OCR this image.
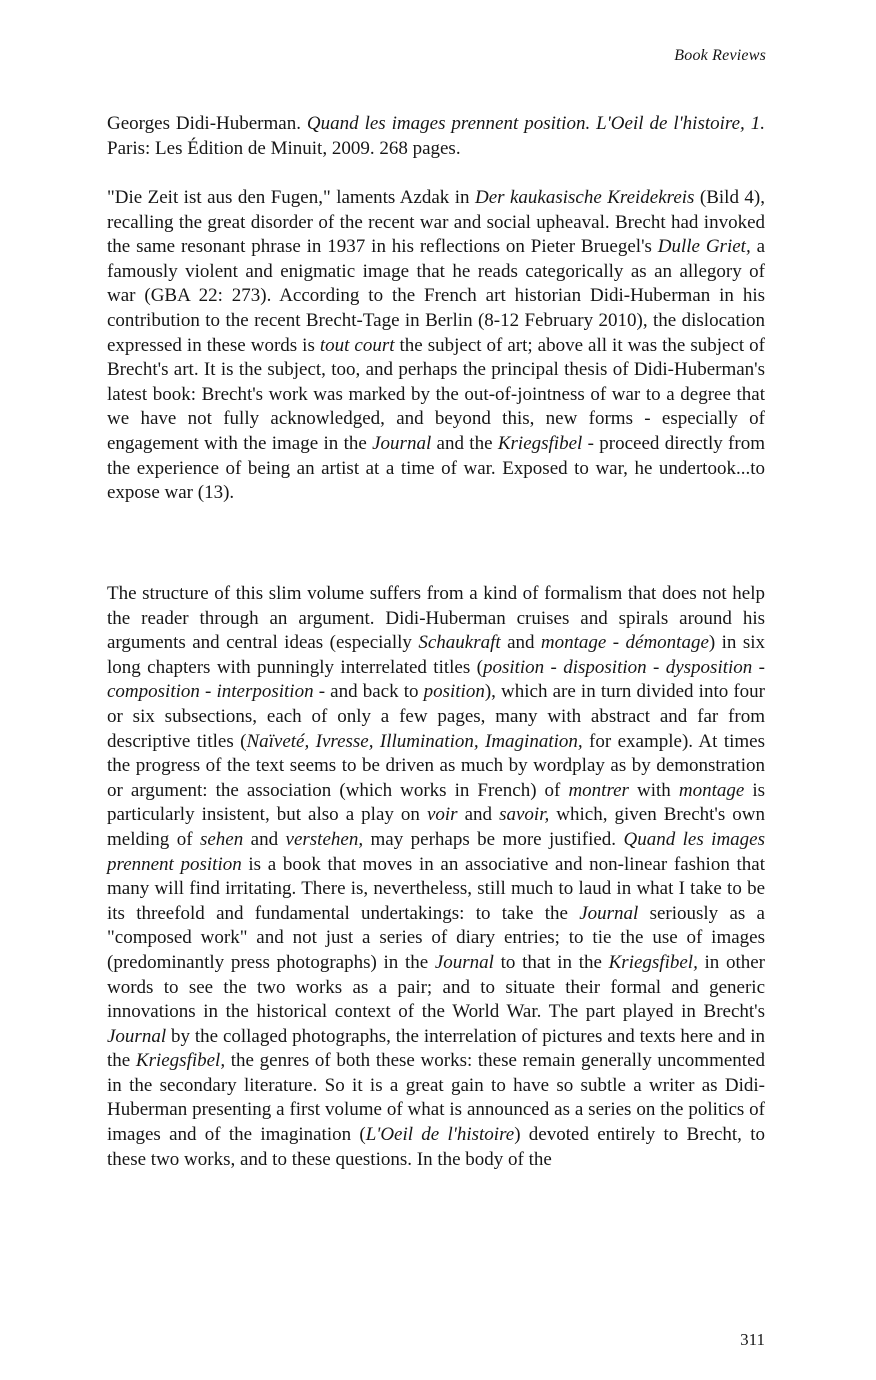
Book Reviews

Georges Didi-Huberman. Quand les images prennent position. L'Oeil de l'histoire, 1. Paris: Les Édition de Minuit, 2009. 268 pages.

"Die Zeit ist aus den Fugen," laments Azdak in Der kaukasische Kreidekreis (Bild 4), recalling the great disorder of the recent war and social upheaval. Brecht had invoked the same resonant phrase in 1937 in his reflections on Pieter Bruegel's Dulle Griet, a famously violent and enigmatic image that he reads categorically as an allegory of war (GBA 22: 273). According to the French art historian Didi-Huberman in his contribution to the recent Brecht-Tage in Berlin (8-12 February 2010), the dislocation expressed in these words is tout court the subject of art; above all it was the subject of Brecht's art. It is the subject, too, and perhaps the principal thesis of Didi-Huberman's latest book: Brecht's work was marked by the out-of-jointness of war to a degree that we have not fully acknowledged, and beyond this, new forms - especially of engagement with the image in the Journal and the Kriegsfibel - proceed directly from the experience of being an artist at a time of war. Exposed to war, he undertook...to expose war (13).

The structure of this slim volume suffers from a kind of formalism that does not help the reader through an argument. Didi-Huberman cruises and spirals around his arguments and central ideas (especially Schaukraft and montage - démontage) in six long chapters with punningly interrelated titles (position - disposition - dysposition - composition - interposition - and back to position), which are in turn divided into four or six subsections, each of only a few pages, many with abstract and far from descriptive titles (Naïveté, Ivresse, Illumination, Imagination, for example). At times the progress of the text seems to be driven as much by wordplay as by demonstration or argument: the association (which works in French) of montrer with montage is particularly insistent, but also a play on voir and savoir, which, given Brecht's own melding of sehen and verstehen, may perhaps be more justified. Quand les images prennent position is a book that moves in an associative and non-linear fashion that many will find irritating. There is, nevertheless, still much to laud in what I take to be its threefold and fundamental undertakings: to take the Journal seriously as a "composed work" and not just a series of diary entries; to tie the use of images (predominantly press photographs) in the Journal to that in the Kriegsfibel, in other words to see the two works as a pair; and to situate their formal and generic innovations in the historical context of the World War. The part played in Brecht's Journal by the collaged photographs, the interrelation of pictures and texts here and in the Kriegsfibel, the genres of both these works: these remain generally uncommented in the secondary literature. So it is a great gain to have so subtle a writer as Didi-Huberman presenting a first volume of what is announced as a series on the politics of images and of the imagination (L'Oeil de l'histoire) devoted entirely to Brecht, to these two works, and to these questions. In the body of the

311
